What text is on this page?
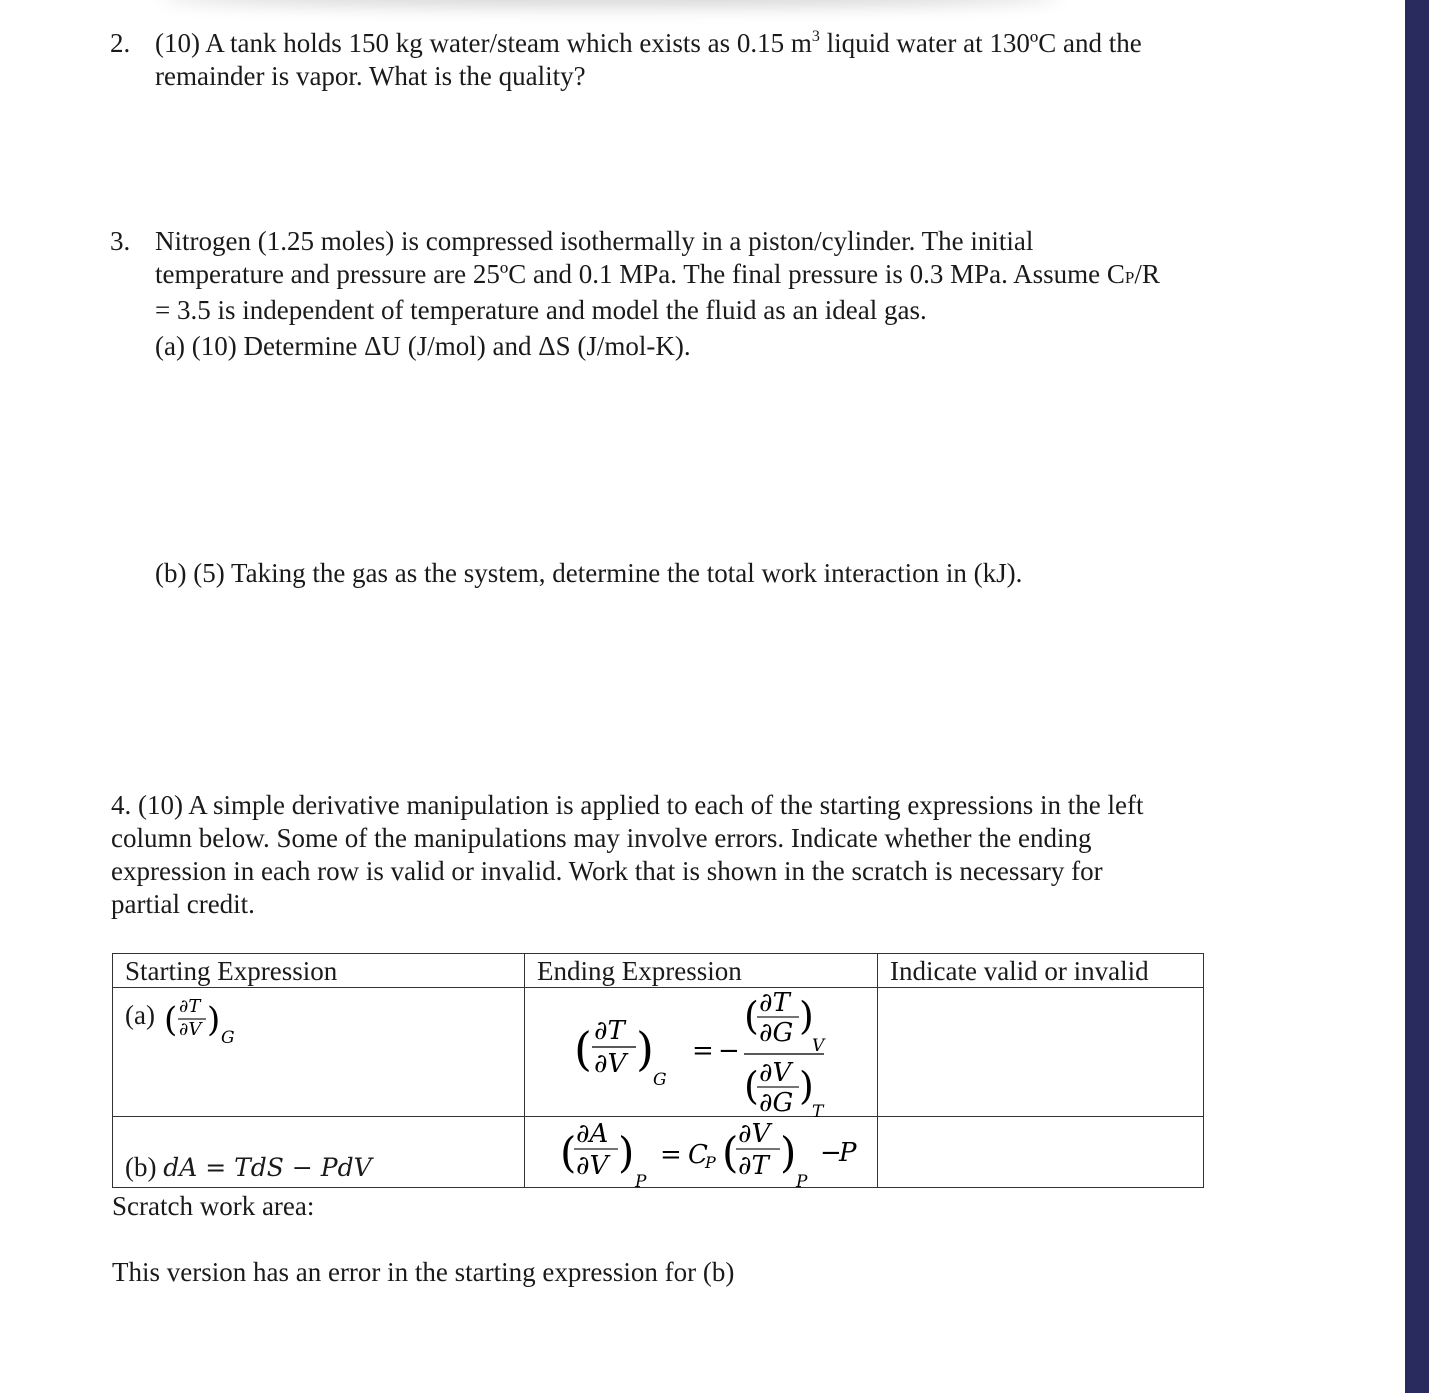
2. (10) A tank holds 150 kg water/steam which exists as 0.15 $m^3$ liquid water at 130ºC and the
remainder is vapor. What is the quality?
3. Nitrogen (1.25 moles) is compressed isothermally in a piston/cylinder. The initial
temperature and pressure are 25ºC and 0.1 MPa. The final pressure is 0.3 MPa. Assume CP/R
= 3.5 is independent of temperature and model the fluid as an ideal gas.
(a) (10) Determine ΔU (J/mol) and ΔS (J/mol-K).
(b) (5) Taking the gas as the system, determine the total work interaction in (kJ).
4. (10) A simple derivative manipulation is applied to each of the starting expressions in the left
column below. Some of the manipulations may involve errors. Indicate whether the ending
expression in each row is valid or invalid. Work that is shown in the scratch is necessary for
partial credit.
Starting Expression	Ending Expression	Indicate valid or invalid
(a) ( ∂T
∂V ) G	( ∂T
∂V )
G
= −
( ∂T
∂G )
V
( ∂V
∂G )
T
(b) dA = TdS − PdV	( ∂A
∂V )
P
= C
P ( ∂V
∂T )
P
−
P
Scratch work area:
This version has an error in the starting expression for (b)
